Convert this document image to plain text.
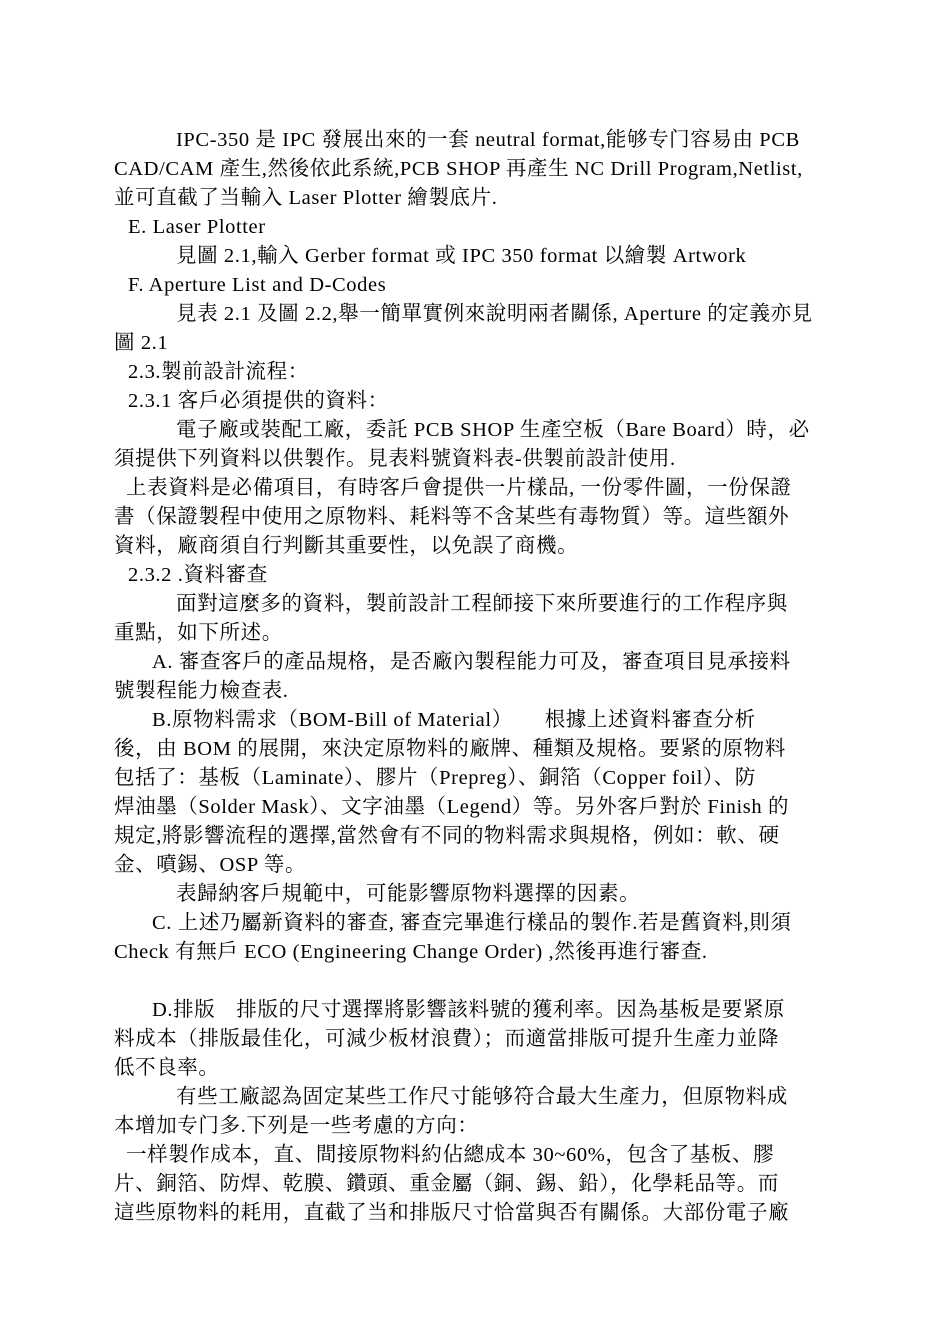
IPC-350 是 IPC 發展出來的一套 neutral format,能够专门容易由 PCB
CAD/CAM 產生,然後依此系統,PCB SHOP 再產生 NC Drill Program,Netlist,
並可直截了当輸入 Laser Plotter 繪製底片.
E. Laser Plotter
見圖 2.1,輸入 Gerber format 或 IPC 350 format 以繪製 Artwork
F. Aperture List and D-Codes
見表 2.1 及圖 2.2,舉一簡單實例來說明兩者關係, Aperture 的定義亦見
圖 2.1
2.3.製前設計流程：
2.3.1 客戶必須提供的資料：
電子廠或裝配工廠，委託 PCB SHOP 生產空板（Bare Board）時，必
須提供下列資料以供製作。見表料號資料表-供製前設計使用.
上表資料是必備項目，有時客戶會提供一片樣品, 一份零件圖，一份保證
書（保證製程中使用之原物料、耗料等不含某些有毒物質）等。這些額外
資料，廠商須自行判斷其重要性，以免誤了商機。
2.3.2 .資料審查
面對這麼多的資料，製前設計工程師接下來所要進行的工作程序與
重點，如下所述。
A. 審查客戶的產品規格，是否廠內製程能力可及，審查項目見承接料
號製程能力檢查表.
B.原物料需求（BOM-Bill of Material）　　根據上述資料審查分析
後，由 BOM 的展開，來決定原物料的廠牌、種類及規格。要紧的原物料
包括了：基板（Laminate）、膠片（Prepreg）、銅箔（Copper foil）、防
焊油墨（Solder Mask）、文字油墨（Legend）等。另外客戶對於 Finish 的
規定,將影響流程的選擇,當然會有不同的物料需求與規格，例如：軟、硬
金、噴錫、OSP 等。
表歸納客戶規範中，可能影響原物料選擇的因素。
C. 上述乃屬新資料的審查, 審查完畢進行樣品的製作.若是舊資料,則須
Check 有無戶 ECO (Engineering Change Order) ,然後再進行審查.
D.排版　排版的尺寸選擇將影響該料號的獲利率。因為基板是要紧原
料成本（排版最佳化，可減少板材浪費）；而適當排版可提升生產力並降
低不良率。
有些工廠認為固定某些工作尺寸能够符合最大生產力，但原物料成
本增加专门多.下列是一些考慮的方向：
一样製作成本，直、間接原物料約佔總成本 30~60%，包含了基板、膠
片、銅箔、防焊、乾膜、鑽頭、重金屬（銅、錫、鉛），化學耗品等。而
這些原物料的耗用，直截了当和排版尺寸恰當與否有關係。大部份電子廠
